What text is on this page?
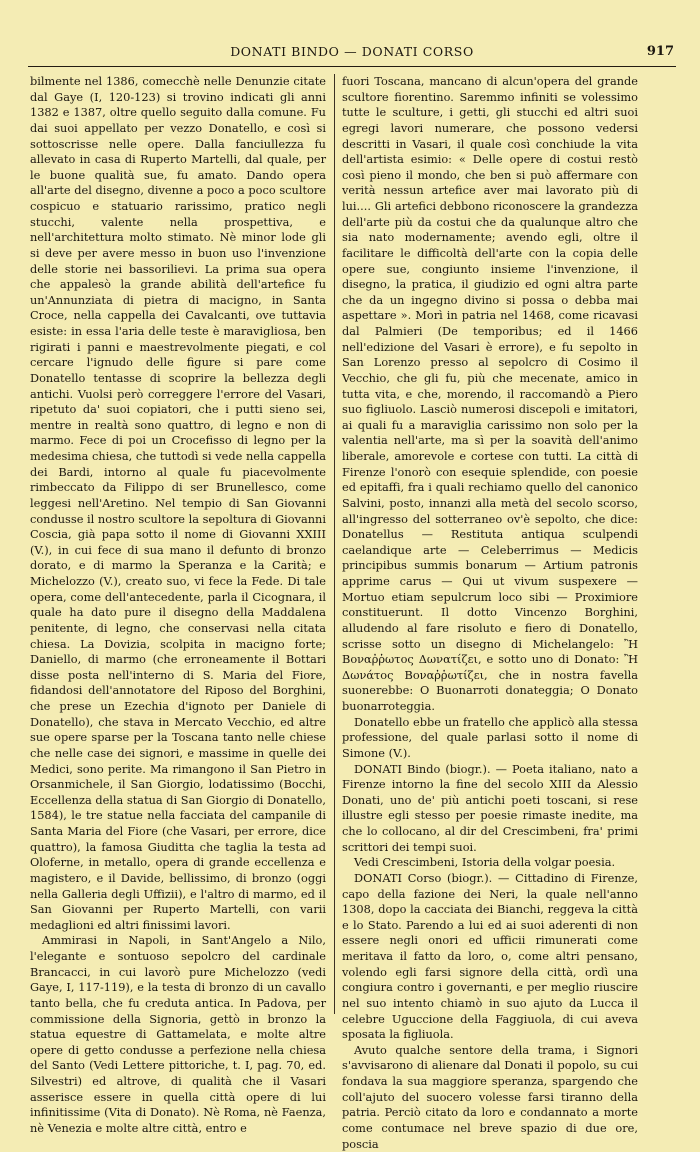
DONATI BINDO — DONATI CORSO	917

bilmente nel 1386, comecchè nelle Denunzie citate dal Gaye (I, 120-123) si trovino indicati gli anni 1382 e 1387, oltre quello seguito dalla comune. Fu dai suoi appellato per vezzo Donatello, e così si sottoscrisse nelle opere. Dalla fanciullezza fu allevato in casa di Ruperto Martelli, dal quale, per le buone qualità sue, fu amato. Dando opera all'arte del disegno, divenne a poco a poco scultore cospicuo e statuario rarissimo, pratico negli stucchi, valente nella prospettiva, e nell'architettura molto stimato. Nè minor lode gli si deve per avere messo in buon uso l'invenzione delle storie nei bassorilievi. La prima sua opera che appalesò la grande abilità dell'artefice fu un'Annunziata di pietra di macigno, in Santa Croce, nella cappella dei Cavalcanti, ove tuttavia esiste: in essa l'aria delle teste è maravigliosa, ben rigirati i panni e maestrevolmente piegati, e col cercare l'ignudo delle figure si pare come Donatello tentasse di scoprire la bellezza degli antichi. Vuolsi però correggere l'errore del Vasari, ripetuto da' suoi copiatori, che i putti sieno sei, mentre in realtà sono quattro, di legno e non di marmo. Fece di poi un Crocefisso di legno per la medesima chiesa, che tuttodì si vede nella cappella dei Bardi, intorno al quale fu piacevolmente rimbeccato da Filippo di ser Brunellesco, come leggesi nell'Aretino. Nel tempio di San Giovanni condusse il nostro scultore la sepoltura di Giovanni Coscia, già papa sotto il nome di Giovanni XXIII (V.), in cui fece di sua mano il defunto di bronzo dorato, e di marmo la Speranza e la Carità; e Michelozzo (V.), creato suo, vi fece la Fede. Di tale opera, come dell'antecedente, parla il Cicognara, il quale ha dato pure il disegno della Maddalena penitente, di legno, che conservasi nella citata chiesa. La Dovizia, scolpita in macigno forte; Daniello, di marmo (che erroneamente il Bottari disse posta nell'interno di S. Maria del Fiore, fidandosi dell'annotatore del Riposo del Borghini, che prese un Ezechia d'ignoto per Daniele di Donatello), che stava in Mercato Vecchio, ed altre sue opere sparse per la Toscana tanto nelle chiese che nelle case dei signori, e massime in quelle dei Medici, sono perite. Ma rimangono il San Pietro in Orsanmichele, il San Giorgio, lodatissimo (Bocchi, Eccellenza della statua di San Giorgio di Donatello, 1584), le tre statue nella facciata del campanile di Santa Maria del Fiore (che Vasari, per errore, dice quattro), la famosa Giuditta che taglia la testa ad Oloferne, in metallo, opera di grande eccellenza e magistero, e il Davide, bellissimo, di bronzo (oggi nella Galleria degli Uffizii), e l'altro di marmo, ed il San Giovanni per Ruperto Martelli, con varii medaglioni ed altri finissimi lavori.

Ammirasi in Napoli, in Sant'Angelo a Nilo, l'elegante e sontuoso sepolcro del cardinale Brancacci, in cui lavorò pure Michelozzo (vedi Gaye, I, 117-119), e la testa di bronzo di un cavallo tanto bella, che fu creduta antica. In Padova, per commissione della Signoria, gettò in bronzo la statua equestre di Gattamelata, e molte altre opere di getto condusse a perfezione nella chiesa del Santo (Vedi Lettere pittoriche, t. I, pag. 70, ed. Silvestri) ed altrove, di qualità che il Vasari asserisce essere in quella città opere di lui infinitissime (Vita di Donato). Nè Roma, nè Faenza, nè Venezia e molte altre città, entro e

fuori Toscana, mancano di alcun'opera del grande scultore fiorentino. Saremmo infiniti se volessimo tutte le sculture, i getti, gli stucchi ed altri suoi egregi lavori numerare, che possono vedersi descritti in Vasari, il quale così conchiude la vita dell'artista esimio: « Delle opere di costui restò così pieno il mondo, che ben si può affermare con verità nessun artefice aver mai lavorato più di lui.... Gli artefici debbono riconoscere la grandezza dell'arte più da costui che da qualunque altro che sia nato modernamente; avendo egli, oltre il facilitare le difficoltà dell'arte con la copia delle opere sue, congiunto insieme l'invenzione, il disegno, la pratica, il giudizio ed ogni altra parte che da un ingegno divino si possa o debba mai aspettare ». Morì in patria nel 1468, come ricavasi dal Palmieri (De temporibus; ed il 1466 nell'edizione del Vasari è errore), e fu sepolto in San Lorenzo presso al sepolcro di Cosimo il Vecchio, che gli fu, più che mecenate, amico in tutta vita, e che, morendo, il raccomandò a Piero suo figliuolo. Lasciò numerosi discepoli e imitatori, ai quali fu a maraviglia carissimo non solo per la valentia nell'arte, ma sì per la soavità dell'animo liberale, amorevole e cortese con tutti. La città di Firenze l'onorò con esequie splendide, con poesie ed epitaffi, fra i quali rechiamo quello del canonico Salvini, posto, innanzi alla metà del secolo scorso, all'ingresso del sotterraneo ov'è sepolto, che dice: Donatellus — Restituta antiqua sculpendi caelandique arte — Celeberrimus — Medicis principibus summis bonarum — Artium patronis apprime carus — Qui ut vivum suspexere — Mortuo etiam sepulcrum loco sibi — Proximiore constituerunt. Il dotto Vincenzo Borghini, alludendo al fare risoluto e fiero di Donatello, scrisse sotto un disegno di Michelangelo: Ἢ Βοναῤῥωτος Δωνατίζει, e sotto uno di Donato: Ἢ Δωνάτος Βοναῤῥωτίζει, che in nostra favella suonerebbe: O Buonarroti donateggia; O Donato buonarroteggia.

Donatello ebbe un fratello che applicò alla stessa professione, del quale parlasi sotto il nome di Simone (V.).

DONATI Bindo (biogr.). — Poeta italiano, nato a Firenze intorno la fine del secolo XIII da Alessio Donati, uno de' più antichi poeti toscani, si rese illustre egli stesso per poesie rimaste inedite, ma che lo collocano, al dir del Crescimbeni, fra' primi scrittori dei tempi suoi.

Vedi Crescimbeni, Istoria della volgar poesia.

DONATI Corso (biogr.). — Cittadino di Firenze, capo della fazione dei Neri, la quale nell'anno 1308, dopo la cacciata dei Bianchi, reggeva la città e lo Stato. Parendo a lui ed ai suoi aderenti di non essere negli onori ed ufficii rimunerati come meritava il fatto da loro, o, come altri pensano, volendo egli farsi signore della città, ordì una congiura contro i governanti, e per meglio riuscire nel suo intento chiamò in suo ajuto da Lucca il celebre Uguccione della Faggiuola, di cui aveva sposata la figliuola.

Avuto qualche sentore della trama, i Signori s'avvisarono di alienare dal Donati il popolo, su cui fondava la sua maggiore speranza, spargendo che coll'ajuto del suocero volesse farsi tiranno della patria. Perciò citato da loro e condannato a morte come contumace nel breve spazio di due ore, poscia
